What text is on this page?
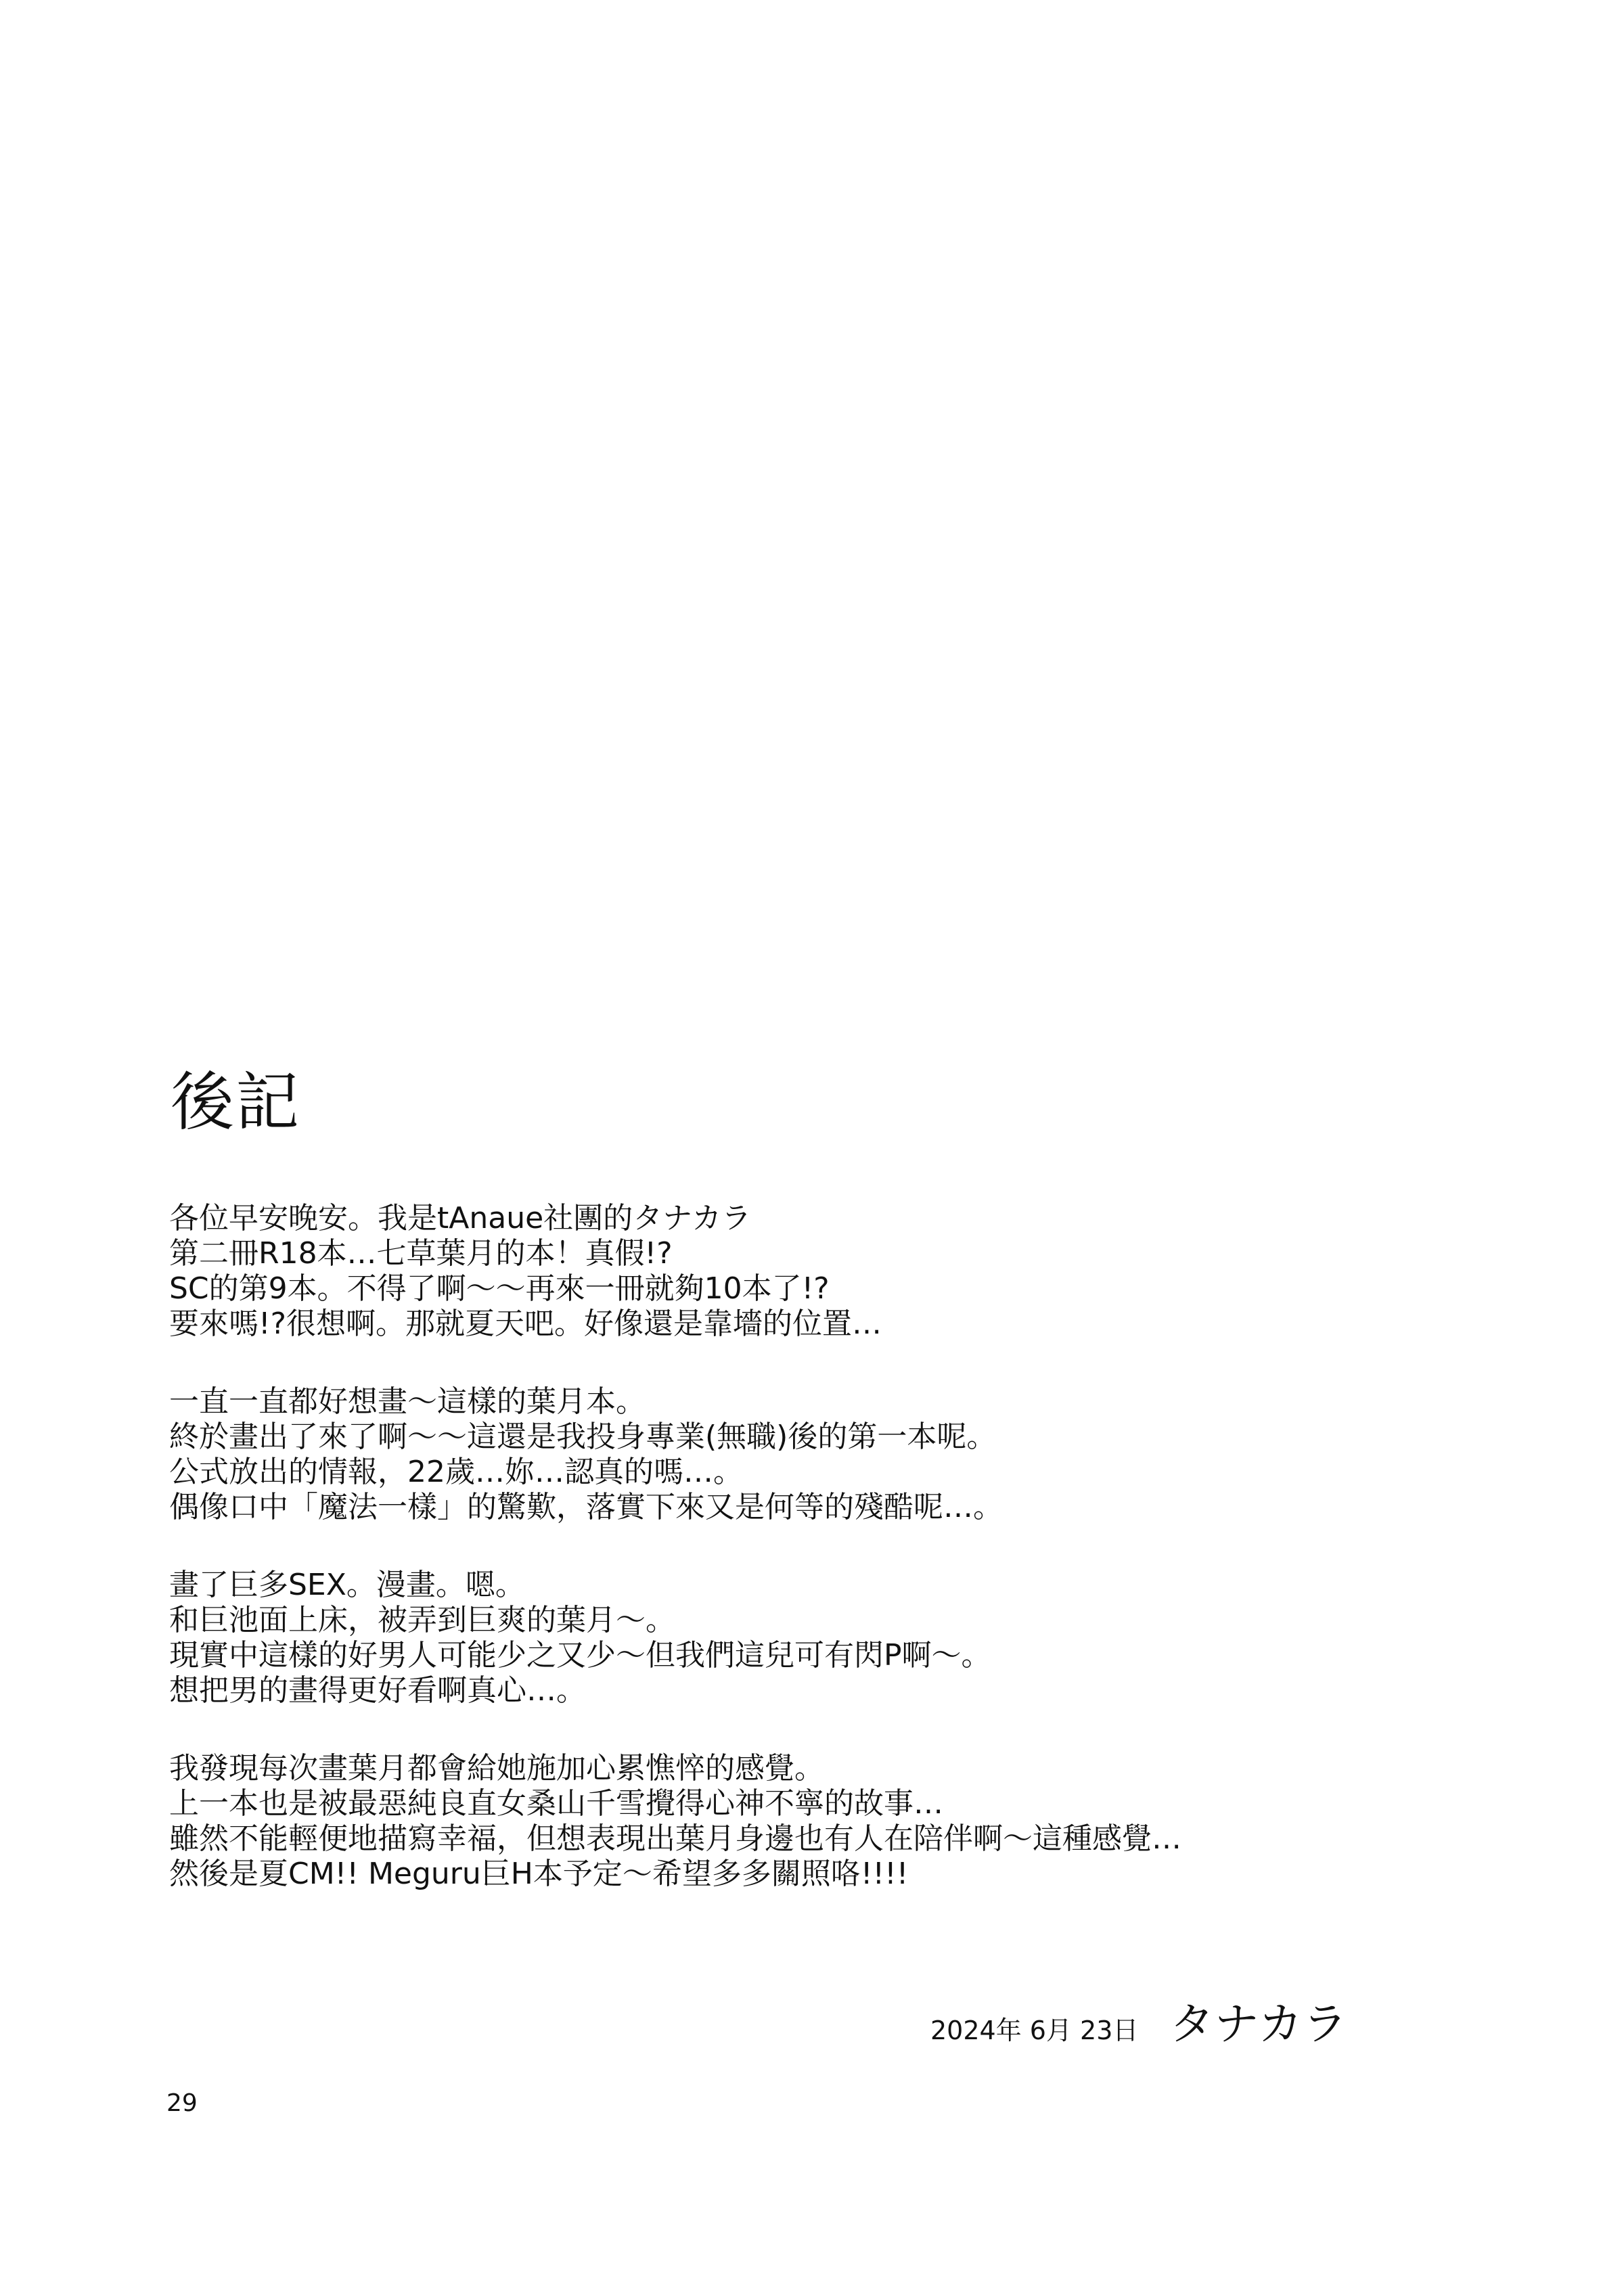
後記
各位早安晚安。我是tAnaue社團的タナカラ
第二冊R18本…七草葉月的本！真假!?
SC的第9本。不得了啊〜〜再來一冊就夠10本了!?
要來嗎!?很想啊。那就夏天吧。好像還是靠墻的位置…
一直一直都好想畫〜這樣的葉月本。
終於畫出了來了啊〜〜這還是我投身專業(無職)後的第一本呢。
公式放出的情報，22歲…妳…認真的嗎…。
偶像口中「魔法一樣」的驚歎，落實下來又是何等的殘酷呢…。
畫了巨多SEX。漫畫。嗯。
和巨池面上床，被弄到巨爽的葉月〜。
現實中這樣的好男人可能少之又少〜但我們這兒可有閃P啊〜。
想把男的畫得更好看啊真心…。
我發現每次畫葉月都會給她施加心累憔悴的感覺。
上一本也是被最惡純良直女桑山千雪攪得心神不寧的故事…
雖然不能輕便地描寫幸福，但想表現出葉月身邊也有人在陪伴啊〜這種感覺…
然後是夏CM!! Meguru巨H本予定〜希望多多關照咯!!!!
2024年 6月 23日 タナカラ
29
